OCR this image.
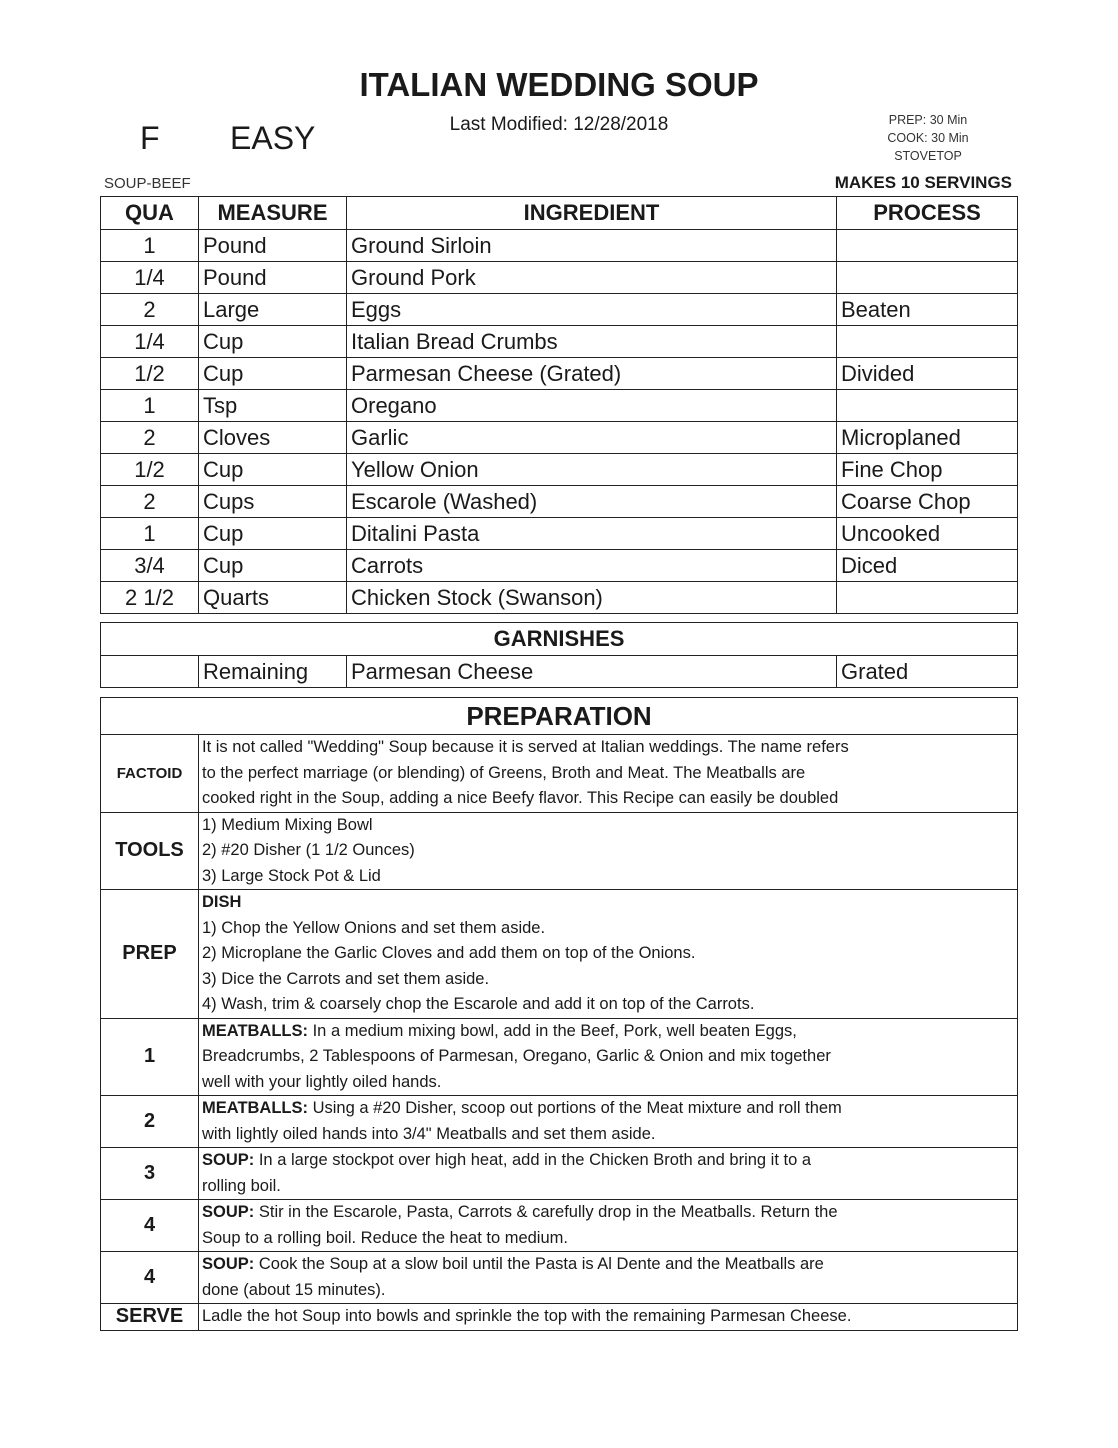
ITALIAN WEDDING SOUP
Last Modified: 12/28/2018
F EASY	PREP: 30 Min
COOK: 30 Min
STOVETOP
SOUP-BEEF	MAKES 10 SERVINGS
QUA	MEASURE	INGREDIENT	PROCESS
1	Pound	Ground Sirloin	
1/4	Pound	Ground Pork	
2	Large	Eggs	Beaten
1/4	Cup	Italian Bread Crumbs	
1/2	Cup	Parmesan Cheese (Grated)	Divided
1	Tsp	Oregano	
2	Cloves	Garlic	Microplaned
1/2	Cup	Yellow Onion	Fine Chop
2	Cups	Escarole (Washed)	Coarse Chop
1	Cup	Ditalini Pasta	Uncooked
3/4	Cup	Carrots	Diced
2 1/2	Quarts	Chicken Stock (Swanson)	
GARNISHES
	Remaining	Parmesan Cheese	Grated
PREPARATION	
FACTOID	It is not called "Wedding" Soup because it is served at Italian weddings. The name refers
to the perfect marriage (or blending) of Greens, Broth and Meat. The Meatballs are
cooked right in the Soup, adding a nice Beefy flavor. This Recipe can easily be doubled

TOOLS	1) Medium Mixing Bowl
2) #20 Disher (1 1/2 Ounces)
3) Large Stock Pot & Lid

PREP	DISH
1) Chop the Yellow Onions and set them aside.
2) Microplane the Garlic Cloves and add them on top of the Onions.
3) Dice the Carrots and set them aside.
4) Wash, trim & coarsely chop the Escarole and add it on top of the Carrots.

1	MEATBALLS: In a medium mixing bowl, add in the Beef, Pork, well beaten Eggs,
Breadcrumbs, 2 Tablespoons of Parmesan, Oregano, Garlic & Onion and mix together
well with your lightly oiled hands.

2	MEATBALLS: Using a #20 Disher, scoop out portions of the Meat mixture and roll them
with lightly oiled hands into 3/4" Meatballs and set them aside.

3	SOUP: In a large stockpot over high heat, add in the Chicken Broth and bring it to a
rolling boil.

4	SOUP: Stir in the Escarole, Pasta, Carrots & carefully drop in the Meatballs. Return the
Soup to a rolling boil. Reduce the heat to medium.

4	SOUP: Cook the Soup at a slow boil until the Pasta is Al Dente and the Meatballs are
done (about 15 minutes).

SERVE	Ladle the hot Soup into bowls and sprinkle the top with the remaining Parmesan Cheese.
